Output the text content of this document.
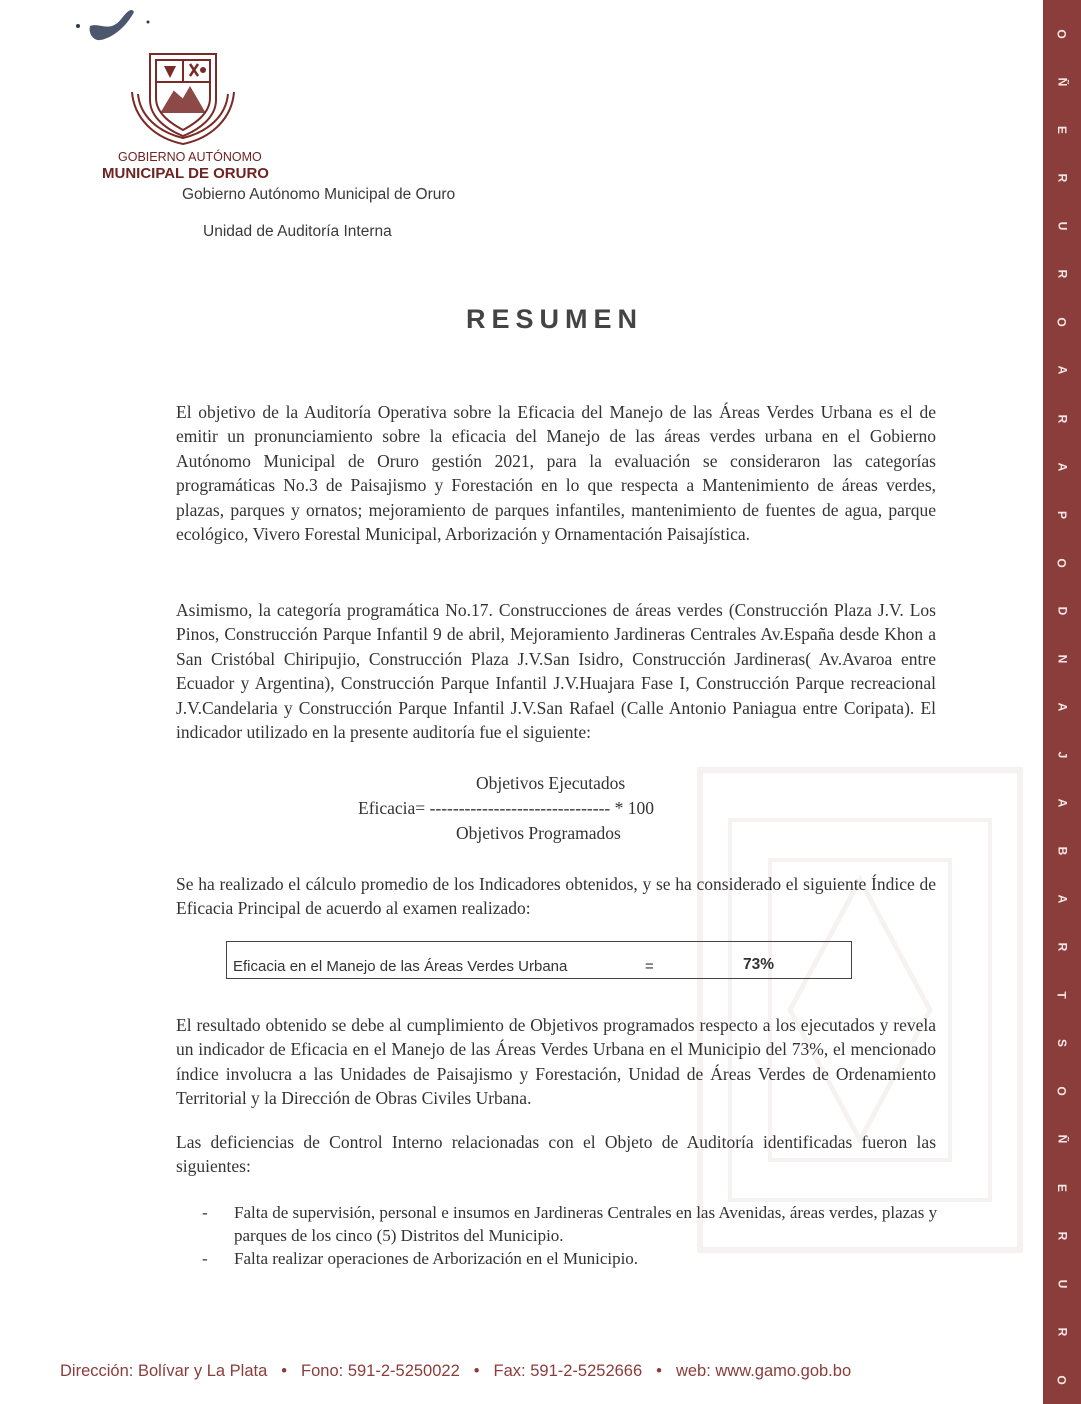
GOBIERNO AUTÓNOMO
MUNICIPAL DE ORURO
Gobierno Autónomo Municipal de Oruro
Unidad de Auditoría Interna
RESUMEN
El objetivo de la Auditoría Operativa sobre la Eficacia del Manejo de las Áreas Verdes Urbana es el de emitir un pronunciamiento sobre la eficacia del Manejo de las áreas verdes urbana en el Gobierno Autónomo Municipal de Oruro gestión 2021, para la evaluación se consideraron las categorías programáticas No.3 de Paisajismo y Forestación en lo que respecta a Mantenimiento de áreas verdes, plazas, parques y ornatos; mejoramiento de parques infantiles, mantenimiento de fuentes de agua, parque ecológico, Vivero Forestal Municipal, Arborización y Ornamentación Paisajística.
Asimismo, la categoría programática No.17. Construcciones de áreas verdes (Construcción Plaza J.V. Los Pinos, Construcción Parque Infantil 9 de abril, Mejoramiento Jardineras Centrales Av.España desde Khon a San Cristóbal Chiripujio, Construcción Plaza J.V.San Isidro, Construcción Jardineras( Av.Avaroa entre Ecuador y Argentina), Construcción Parque Infantil J.V.Huajara Fase I, Construcción Parque recreacional J.V.Candelaria y Construcción Parque Infantil J.V.San Rafael (Calle Antonio Paniagua entre Coripata). El indicador utilizado en la presente auditoría fue el siguiente:
Objetivos Ejecutados
Eficacia= ------------------------------- * 100
Objetivos Programados
Se ha realizado el cálculo promedio de los Indicadores obtenidos, y se ha considerado el siguiente Índice de Eficacia Principal de acuerdo al examen realizado:
Eficacia en el Manejo de las Áreas Verdes Urbana	=	73%
El resultado obtenido se debe al cumplimiento de Objetivos programados respecto a los ejecutados y revela un indicador de Eficacia en el Manejo de las Áreas Verdes Urbana en el Municipio del 73%, el mencionado índice involucra a las Unidades de Paisajismo y Forestación, Unidad de Áreas Verdes de Ordenamiento Territorial y la Dirección de Obras Civiles Urbana.
Las deficiencias de Control Interno relacionadas con el Objeto de Auditoría identificadas fueron las siguientes:
- Falta de supervisión, personal e insumos en Jardineras Centrales en las Avenidas, áreas verdes, plazas y parques de los cinco (5) Distritos del Municipio.
- Falta realizar operaciones de Arborización en el Municipio.
Dirección: Bolívar y La Plata • Fono: 591-2-5250022 • Fax: 591-2-5252666 • web: www.gamo.gob.bo
O
Ñ
E
R
U
R
O
A
R
A
P
O
D
N
A
J
A
B
A
R
T
S
O
Ñ
E
R
U
R
O
